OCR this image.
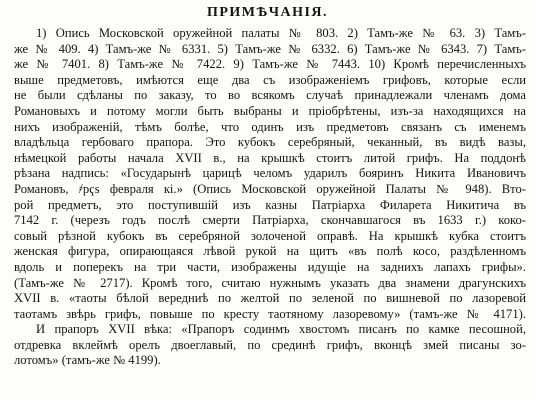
ПРИМѢЧАНІЯ.
1) Опись Московской оружейной палаты № 803. 2) Тамъ-же № 63. 3) Тамъ-
же № 409. 4) Тамъ-же № 6331. 5) Тамъ-же № 6332. 6) Тамъ-же № 6343. 7) Тамъ-
же № 7401. 8) Тамъ-же № 7422. 9) Тамъ-же № 7443. 10) Кромѣ перечисленныхъ
выше предметовъ, имѣются еще два съ изображеніемъ грифовъ, которые если
не были сдѣланы по заказу, то во всякомъ случаѣ принадлежали членамъ дома
Романовыхъ и потому могли быть выбраны и пріобрѣтены, изъ-за находящихся на
нихъ изображеній, тѣмъ болѣе, что одинъ изъ предметовъ связанъ съ именемъ
владѣльца гербоваго прапора. Это кубокъ серебряный, чеканный, въ видѣ вазы,
нѣмецкой работы начала XVII в., на крышкѣ стоитъ литой грифъ. На поддонѣ
рѣзана надпись: «Государынѣ царицѣ челомъ ударилъ бояринъ Никита Ивановичъ
Романовъ, ҂рҁѕ февраля кі.» (Опись Московской оружейной Палаты № 948). Вто-
рой предметъ, это поступившій изъ казны Патріарха Филарета Никитича въ
7142 г. (черезъ годъ послѣ смерти Патріарха, скончавшагося въ 1633 г.) коко-
совый рѣзной кубокъ въ серебряной золоченой оправѣ. На крышкѣ кубка стоитъ
женская фигура, опирающаяся лѣвой рукой на щитъ «въ полѣ косо, раздѣленномъ
вдоль и поперекъ на три части, изображены идущіе на заднихъ лапахъ грифы».
(Тамъ-же № 2717). Кромѣ того, считаю нужнымъ указать два знамени драгунскихъ
XVII в. «таоты бѣлой вередниѣ по желтой по зеленой по вишневой по лазоревой
таотамъ звѣрь грифъ, повыше по кресту таотяному лазоревому» (тамъ-же № 4171).
И прапоръ XVII вѣка: «Прапоръ содинмъ хвостомъ писанъ по камке песошной,
отдревка вклеймѣ орелъ двоеглавый, по срединѣ грифъ, вконцѣ змей писаны зо-
лотомъ» (тамъ-же № 4199).
